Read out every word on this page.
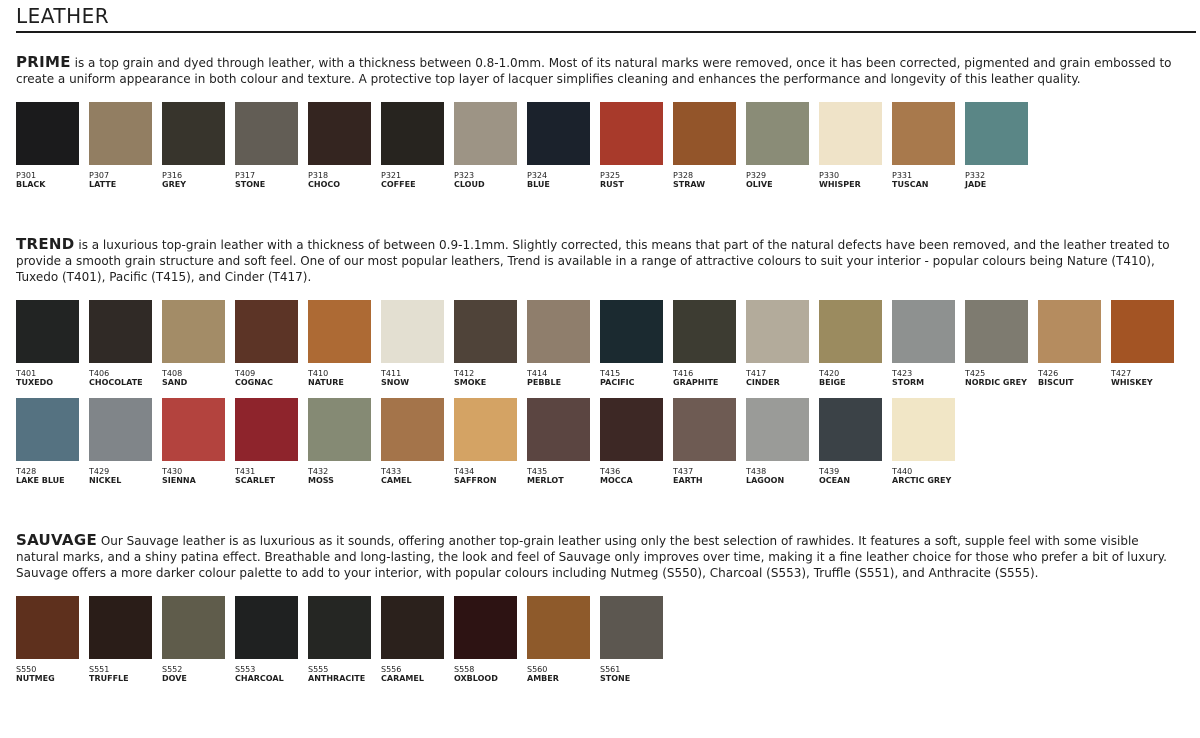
LEATHER

PRIME is a top grain and dyed through leather, with a thickness between 0.8-1.0mm. Most of its natural marks were removed, once it has been corrected, pigmented and grain embossed to create a uniform appearance in both colour and texture. A protective top layer of lacquer simplifies cleaning and enhances the performance and longevity of this leather quality.

P301
BLACK
P307
LATTE
P316
GREY
P317
STONE
P318
CHOCO
P321
COFFEE
P323
CLOUD
P324
BLUE
P325
RUST
P328
STRAW
P329
OLIVE
P330
WHISPER
P331
TUSCAN
P332
JADE

TREND is a luxurious top-grain leather with a thickness of between 0.9-1.1mm. Slightly corrected, this means that part of the natural defects have been removed, and the leather treated to provide a smooth grain structure and soft feel. One of our most popular leathers, Trend is available in a range of attractive colours to suit your interior - popular colours being Nature (T410), Tuxedo (T401), Pacific (T415), and Cinder (T417).

T401
TUXEDO
T406
CHOCOLATE
T408
SAND
T409
COGNAC
T410
NATURE
T411
SNOW
T412
SMOKE
T414
PEBBLE
T415
PACIFIC
T416
GRAPHITE
T417
CINDER
T420
BEIGE
T423
STORM
T425
NORDIC GREY
T426
BISCUIT
T427
WHISKEY
T428
LAKE BLUE
T429
NICKEL
T430
SIENNA
T431
SCARLET
T432
MOSS
T433
CAMEL
T434
SAFFRON
T435
MERLOT
T436
MOCCA
T437
EARTH
T438
LAGOON
T439
OCEAN
T440
ARCTIC GREY

SAUVAGE Our Sauvage leather is as luxurious as it sounds, offering another top-grain leather using only the best selection of rawhides. It features a soft, supple feel with some visible natural marks, and a shiny patina effect. Breathable and long-lasting, the look and feel of Sauvage only improves over time, making it a fine leather choice for those who prefer a bit of luxury. Sauvage offers a more darker colour palette to add to your interior, with popular colours including Nutmeg (S550), Charcoal (S553), Truffle (S551), and Anthracite (S555).

S550
NUTMEG
S551
TRUFFLE
S552
DOVE
S553
CHARCOAL
S555
ANTHRACITE
S556
CARAMEL
S558
OXBLOOD
S560
AMBER
S561
STONE
